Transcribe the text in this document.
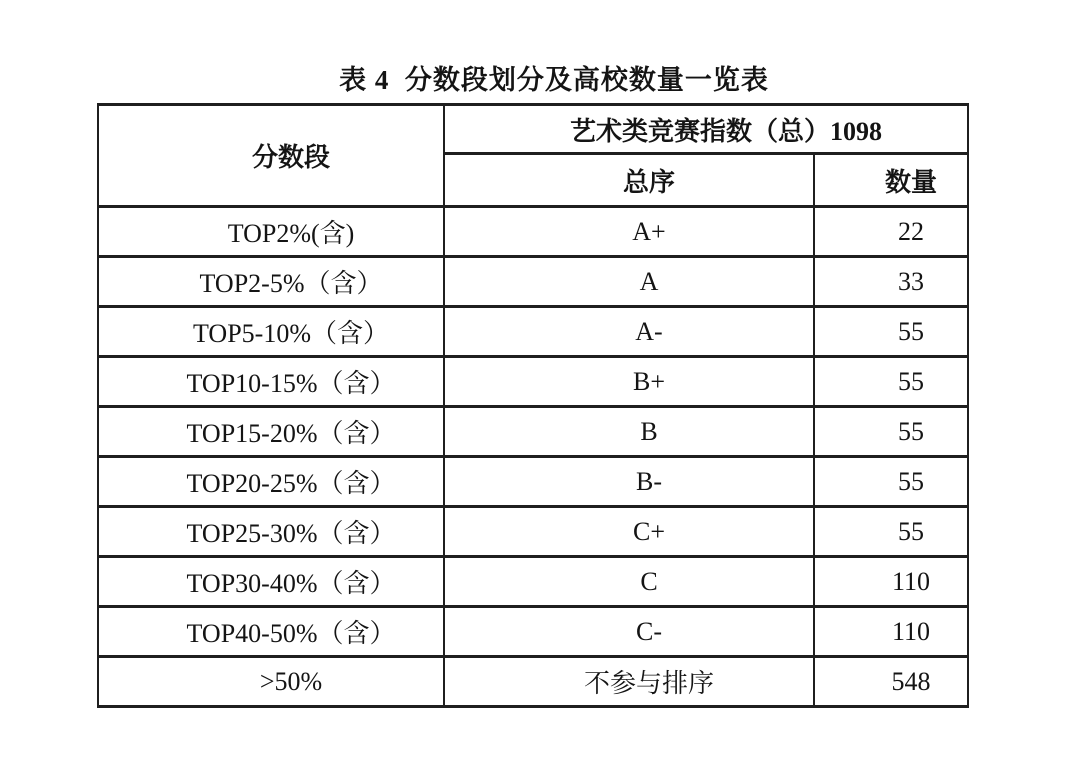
表 4  分数段划分及高校数量一览表
分数段	艺术类竞赛指数（总）1098	
	总序	数量
TOP2%(含)	A+	22
TOP2-5%（含）	A	33
TOP5-10%（含）	A-	55
TOP10-15%（含）	B+	55
TOP15-20%（含）	B	55
TOP20-25%（含）	B-	55
TOP25-30%（含）	C+	55
TOP30-40%（含）	C	110
TOP40-50%（含）	C-	110
>50%	不参与排序	548
